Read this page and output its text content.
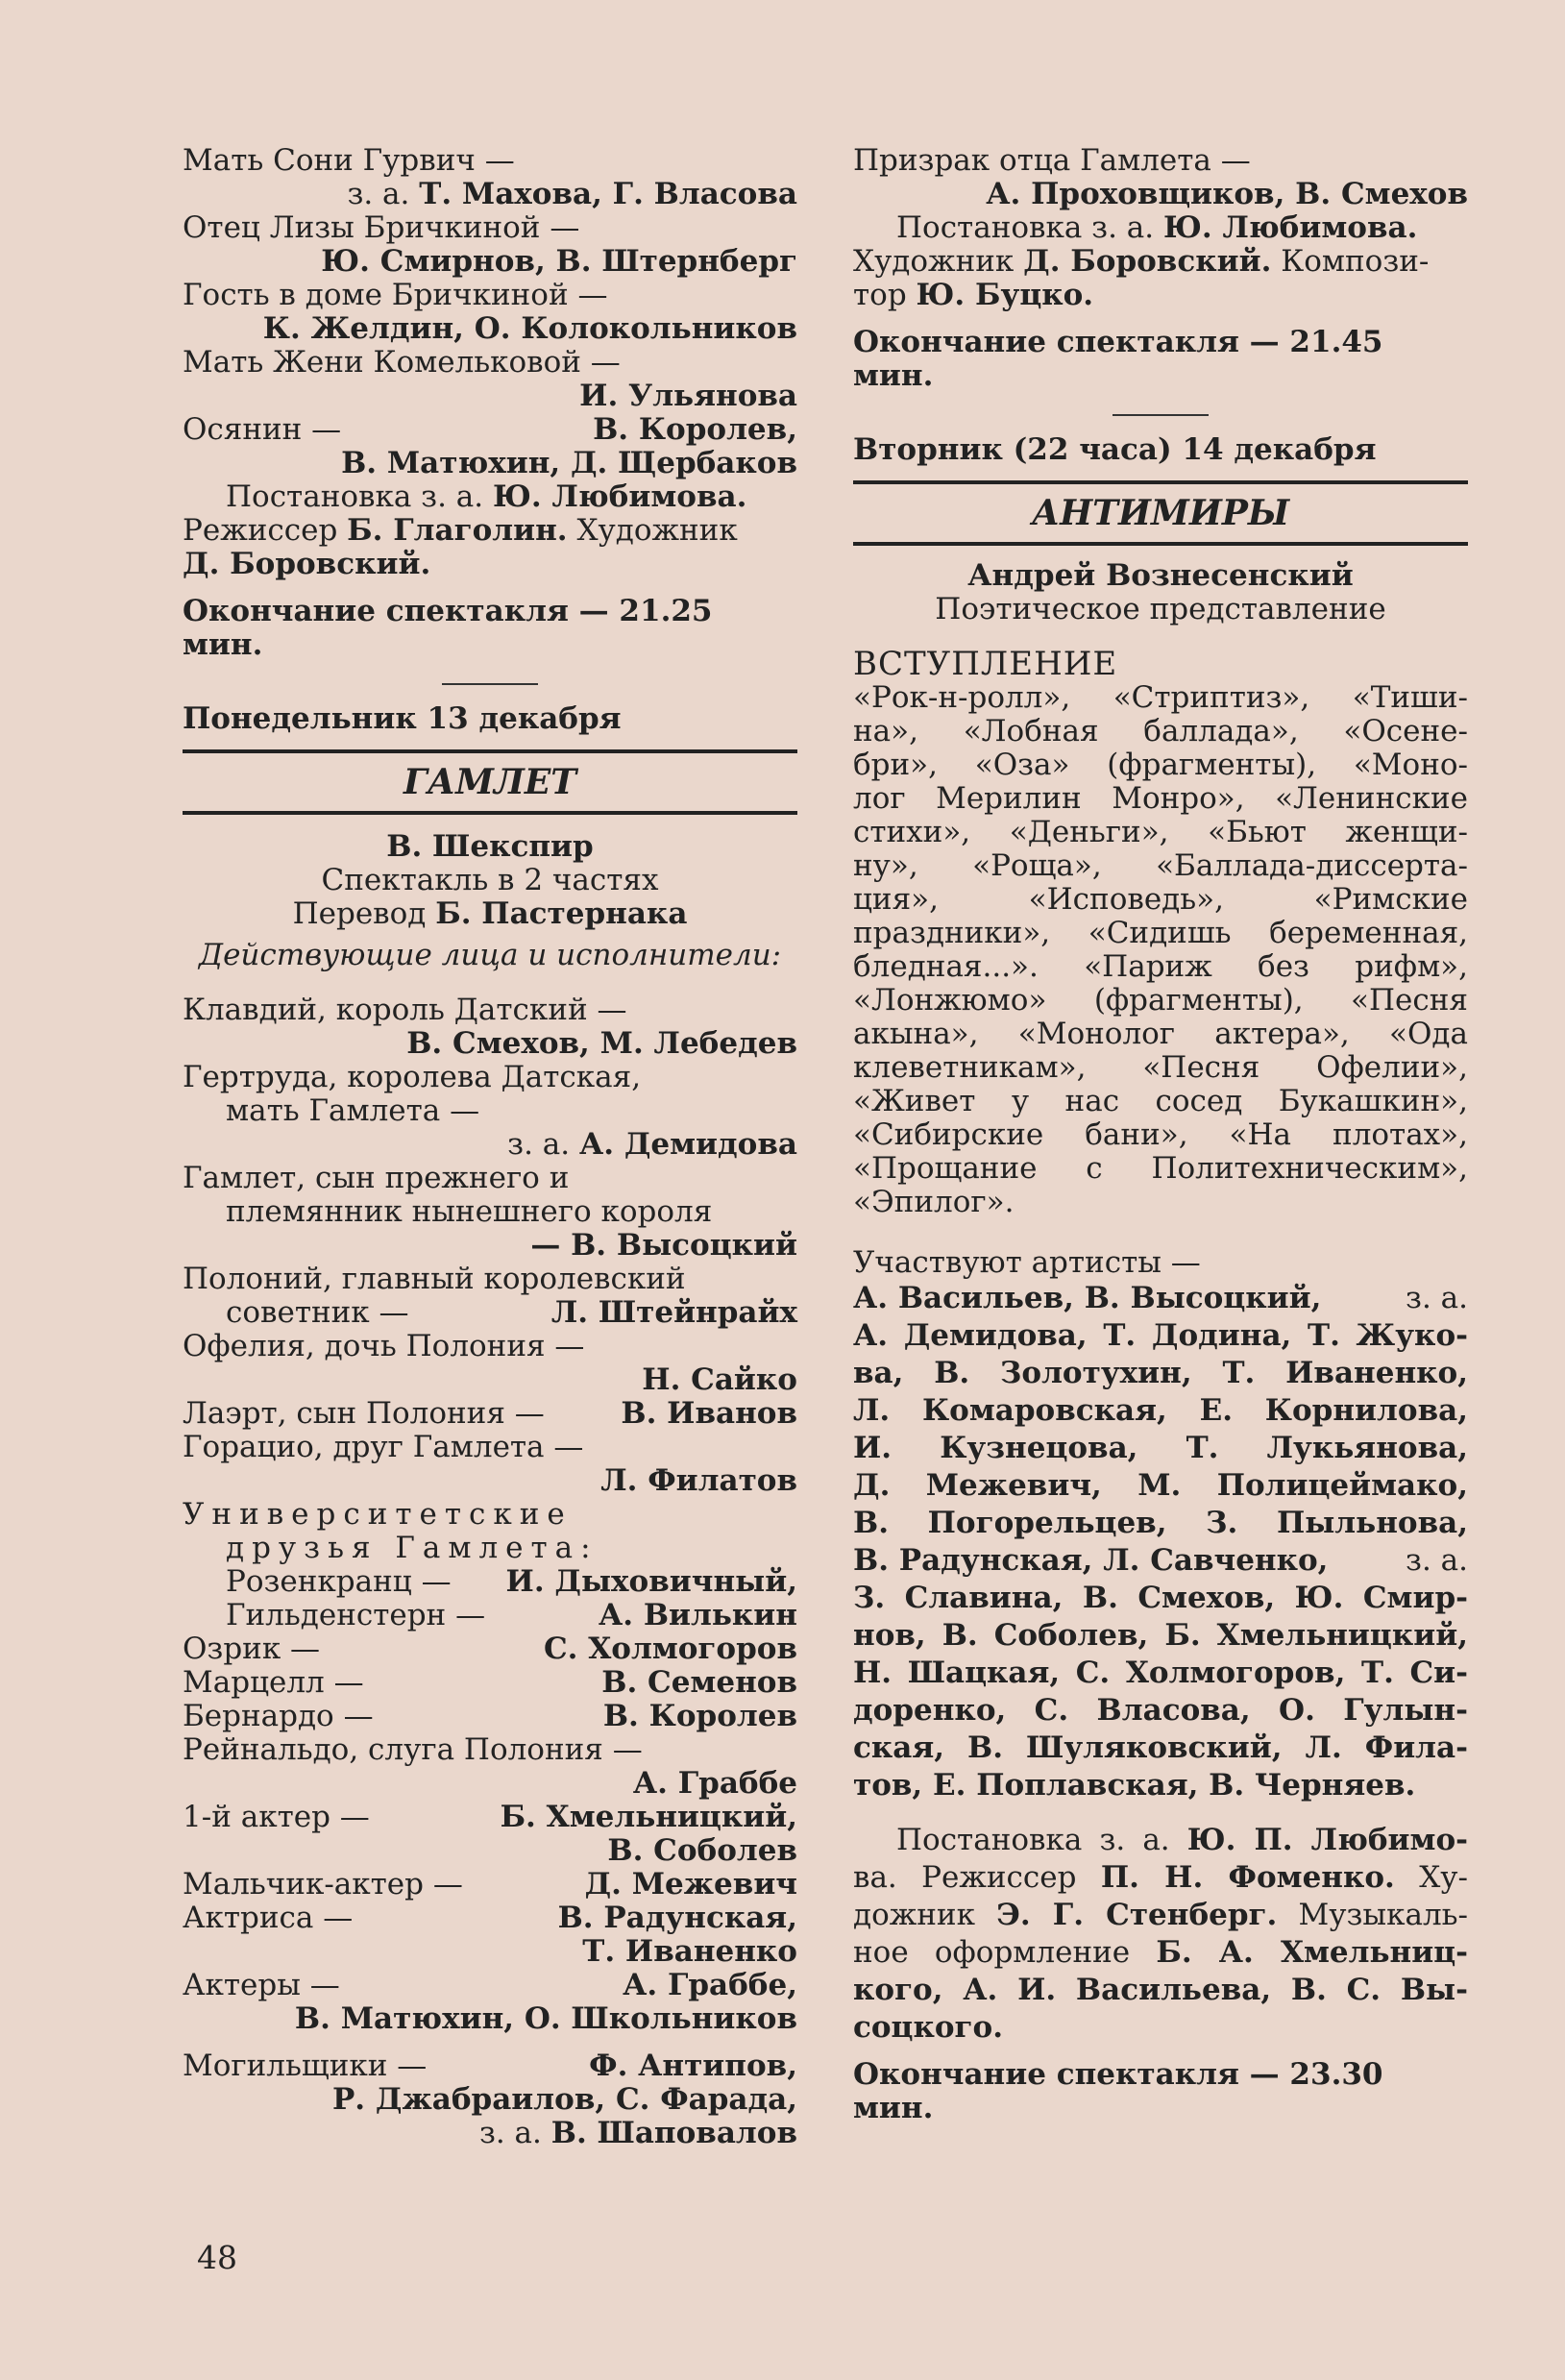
Мать Сони Гурвич —
з. а. Т. Махова, Г. Власова
Отец Лизы Бричкиной —
Ю. Смирнов, В. Штернберг
Гость в доме Бричкиной —
К. Желдин, О. Колокольников
Мать Жени Комельковой —
И. Ульянова
Осянин —	В. Королев,
В. Матюхин, Д. Щербаков
Постановка з. а. Ю. Любимова.
Режиссер Б. Глаголин. Художник
Д. Боровский.
Окончание спектакля — 21.25 мин.
Понедельник 13 декабря
ГАМЛЕТ
В. Шекспир
Спектакль в 2 частях
Перевод Б. Пастернака
Действующие лица и исполнители:
Клавдий, король Датский —
В. Смехов, М. Лебедев
Гертруда, королева Датская,
мать Гамлета —
з. а. А. Демидова
Гамлет, сын прежнего и
племянник нынешнего короля
— В. Высоцкий
Полоний, главный королевский
советник —	Л. Штейнрайх
Офелия, дочь Полония —
Н. Сайко
Лаэрт, сын Полония —	В. Иванов
Горацио, друг Гамлета —
Л. Филатов
Университетские
друзья Гамлета:
Розенкранц — И. Дыховичный,
Гильденстерн —	А. Вилькин
Озрик —	С. Холмогоров
Марцелл —	В. Семенов
Бернардо —	В. Королев
Рейнальдо, слуга Полония —
А. Граббе
1-й актер —	Б. Хмельницкий,
В. Соболев
Мальчик-актер —	Д. Межевич
Актриса —	В. Радунская,
Т. Иваненко
Актеры —	А. Граббе,
В. Матюхин, О. Школьников
Могильщики —	Ф. Антипов,
Р. Джабраилов, С. Фарада,
з. а. В. Шаповалов
Призрак отца Гамлета —
А. Проховщиков, В. Смехов
Постановка з. а. Ю. Любимова.
Художник Д. Боровский. Компози-
тор Ю. Буцко.
Окончание спектакля — 21.45 мин.
Вторник (22 часа) 14 декабря
АНТИМИРЫ
Андрей Вознесенский
Поэтическое представление
ВСТУПЛЕНИЕ
«Рок-н-ролл», «Стриптиз», «Тиши-
на», «Лобная баллада», «Осене-
бри», «Оза» (фрагменты), «Моно-
лог Мерилин Монро», «Ленинские
стихи», «Деньги», «Бьют женщи-
ну», «Роща», «Баллада-диссерта-
ция», «Исповедь», «Римские
праздники», «Сидишь беременная,
бледная...». «Париж без рифм»,
«Лонжюмо» (фрагменты), «Песня
акына», «Монолог актера», «Ода
клеветникам», «Песня Офелии»,
«Живет у нас сосед Букашкин»,
«Сибирские бани», «На плотах»,
«Прощание с Политехническим»,
«Эпилог».
Участвуют артисты —
А. Васильев, В. Высоцкий,	з. а.
А. Демидова, Т. Додина, Т. Жуко-
ва, В. Золотухин, Т. Иваненко,
Л. Комаровская, Е. Корнилова,
И. Кузнецова, Т. Лукьянова,
Д. Межевич, М. Полицеймако,
В. Погорельцев, З. Пыльнова,
В. Радунская, Л. Савченко,	з. а.
З. Славина, В. Смехов, Ю. Смир-
нов, В. Соболев, Б. Хмельницкий,
Н. Шацкая, С. Холмогоров, Т. Си-
доренко, С. Власова, О. Гулын-
ская, В. Шуляковский, Л. Фила-
тов, Е. Поплавская, В. Черняев.
Постановка з. а. Ю. П. Любимо-
ва. Режиссер П. Н. Фоменко. Ху-
дожник Э. Г. Стенберг. Музыкаль-
ное оформление Б. А. Хмельниц-
кого, А. И. Васильева, В. С. Вы-
соцкого.
Окончание спектакля — 23.30 мин.
48
